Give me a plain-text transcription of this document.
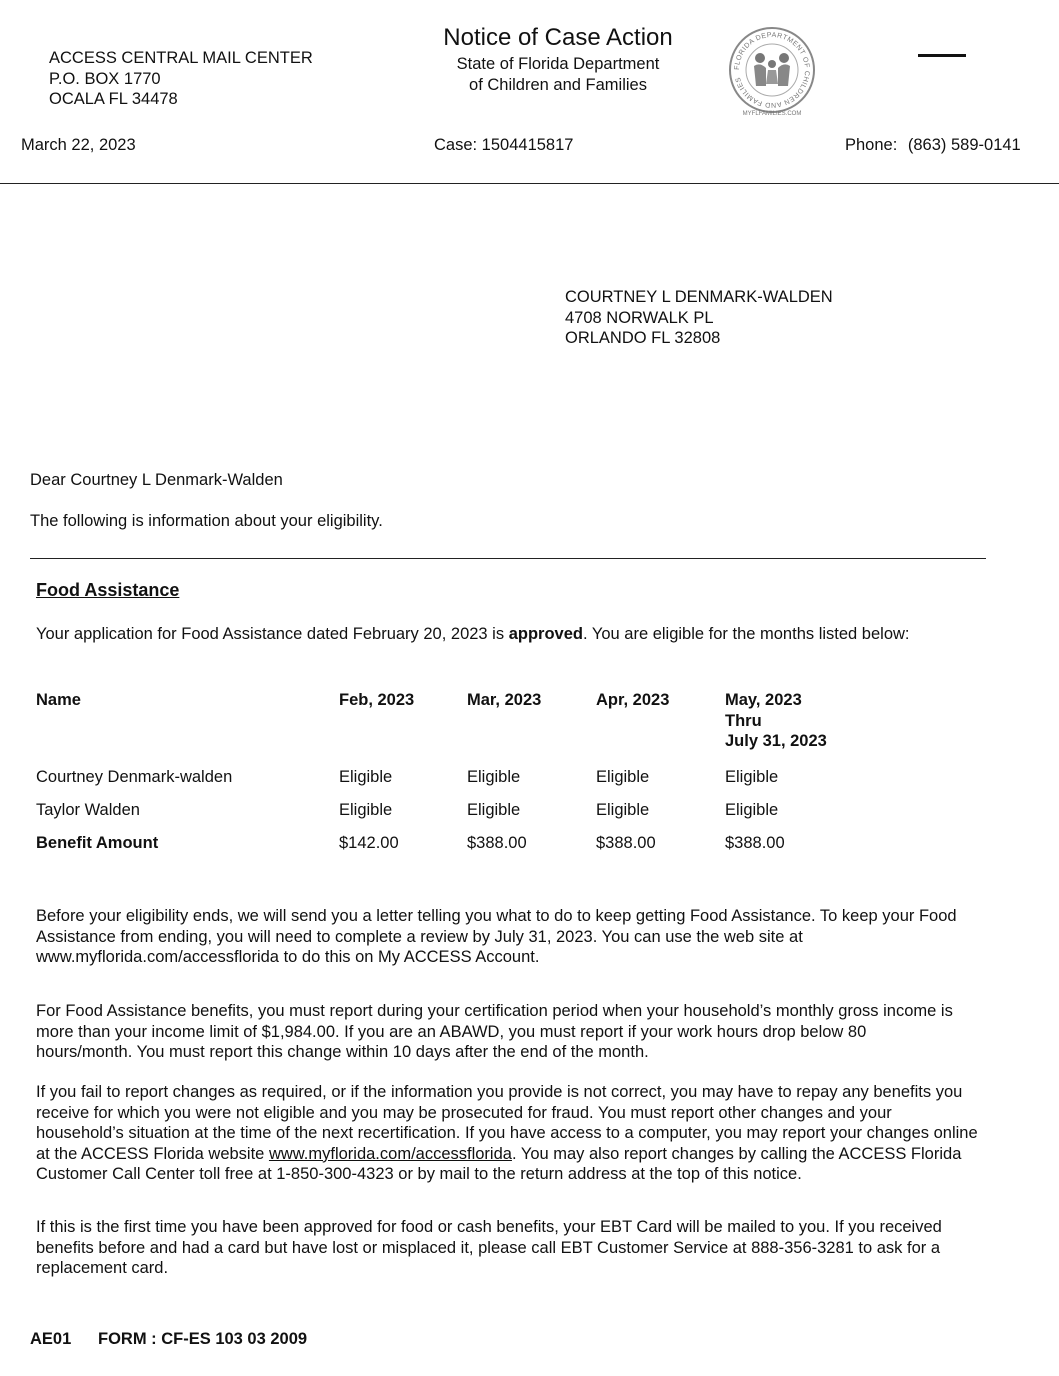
ACCESS CENTRAL MAIL CENTER
P.O. BOX 1770
OCALA FL 34478
Notice of Case Action
State of Florida Department
of Children and Families
FLORIDA DEPARTMENT OF CHILDREN AND FAMILIES
MYFLFAMILIES.COM
March 22, 2023	Case: 1504415817	Phone: (863) 589-0141
COURTNEY L DENMARK-WALDEN
4708 NORWALK PL
ORLANDO FL 32808
Dear Courtney L Denmark-Walden
The following is information about your eligibility.
Food Assistance
Your application for Food Assistance dated February 20, 2023 is approved. You are eligible for the months listed below:
Name	Feb, 2023	Mar, 2023	Apr, 2023	May, 2023
Thru
July 31, 2023
Courtney Denmark-walden	Eligible	Eligible	Eligible	Eligible
Taylor Walden	Eligible	Eligible	Eligible	Eligible
Benefit Amount	$142.00	$388.00	$388.00	$388.00
Before your eligibility ends, we will send you a letter telling you what to do to keep getting Food Assistance. To keep your Food Assistance from ending, you will need to complete a review by July 31, 2023. You can use the web site at www.myflorida.com/accessflorida to do this on My ACCESS Account.
For Food Assistance benefits, you must report during your certification period when your household’s monthly gross income is more than your income limit of $1,984.00. If you are an ABAWD, you must report if your work hours drop below 80 hours/month. You must report this change within 10 days after the end of the month.
If you fail to report changes as required, or if the information you provide is not correct, you may have to repay any benefits you receive for which you were not eligible and you may be prosecuted for fraud. You must report other changes and your household’s situation at the time of the next recertification. If you have access to a computer, you may report your changes online at the ACCESS Florida website www.myflorida.com/accessflorida. You may also report changes by calling the ACCESS Florida Customer Call Center toll free at 1-850-300-4323 or by mail to the return address at the top of this notice.
If this is the first time you have been approved for food or cash benefits, your EBT Card will be mailed to you. If you received benefits before and had a card but have lost or misplaced it, please call EBT Customer Service at 888-356-3281 to ask for a replacement card.
AE01 FORM : CF-ES 103 03 2009
